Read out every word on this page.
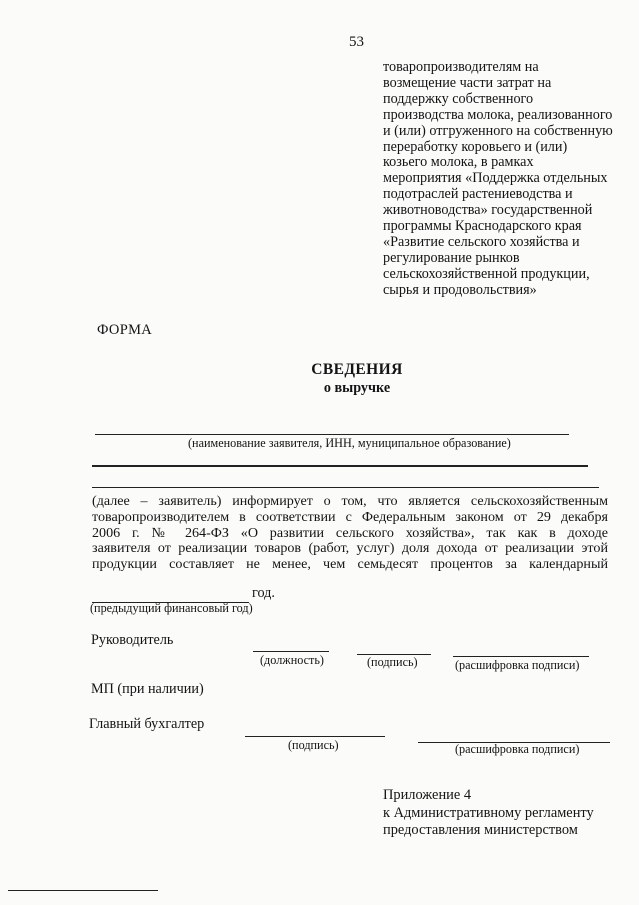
53
товаропроизводителям на
возмещение части затрат на
поддержку собственного
производства молока, реализованного
и (или) отгруженного на собственную
переработку коровьего и (или)
козьего молока, в рамках
мероприятия «Поддержка отдельных
подотраслей растениеводства и
животноводства» государственной
программы Краснодарского края
«Развитие сельского хозяйства и
регулирование рынков
сельскохозяйственной продукции,
сырья и продовольствия»
ФОРМА
СВЕДЕНИЯ
о выручке
(наименование заявителя, ИНН, муниципальное образование)
(далее – заявитель) информирует о том, что является сельскохозяйственным
товаропроизводителем в соответствии с Федеральным законом от 29 декабря
2006 г. № 264-ФЗ «О развитии сельского хозяйства», так как в доходе
заявителя от реализации товаров (работ, услуг) доля дохода от реализации этой
продукции составляет не менее, чем семьдесят процентов за календарный
год.
(предыдущий финансовый год)
Руководитель
(должность)	(подпись)	(расшифровка подписи)
МП (при наличии)
Главный бухгалтер
(подпись)	(расшифровка подписи)
Приложение 4
к Административному регламенту
предоставления министерством
